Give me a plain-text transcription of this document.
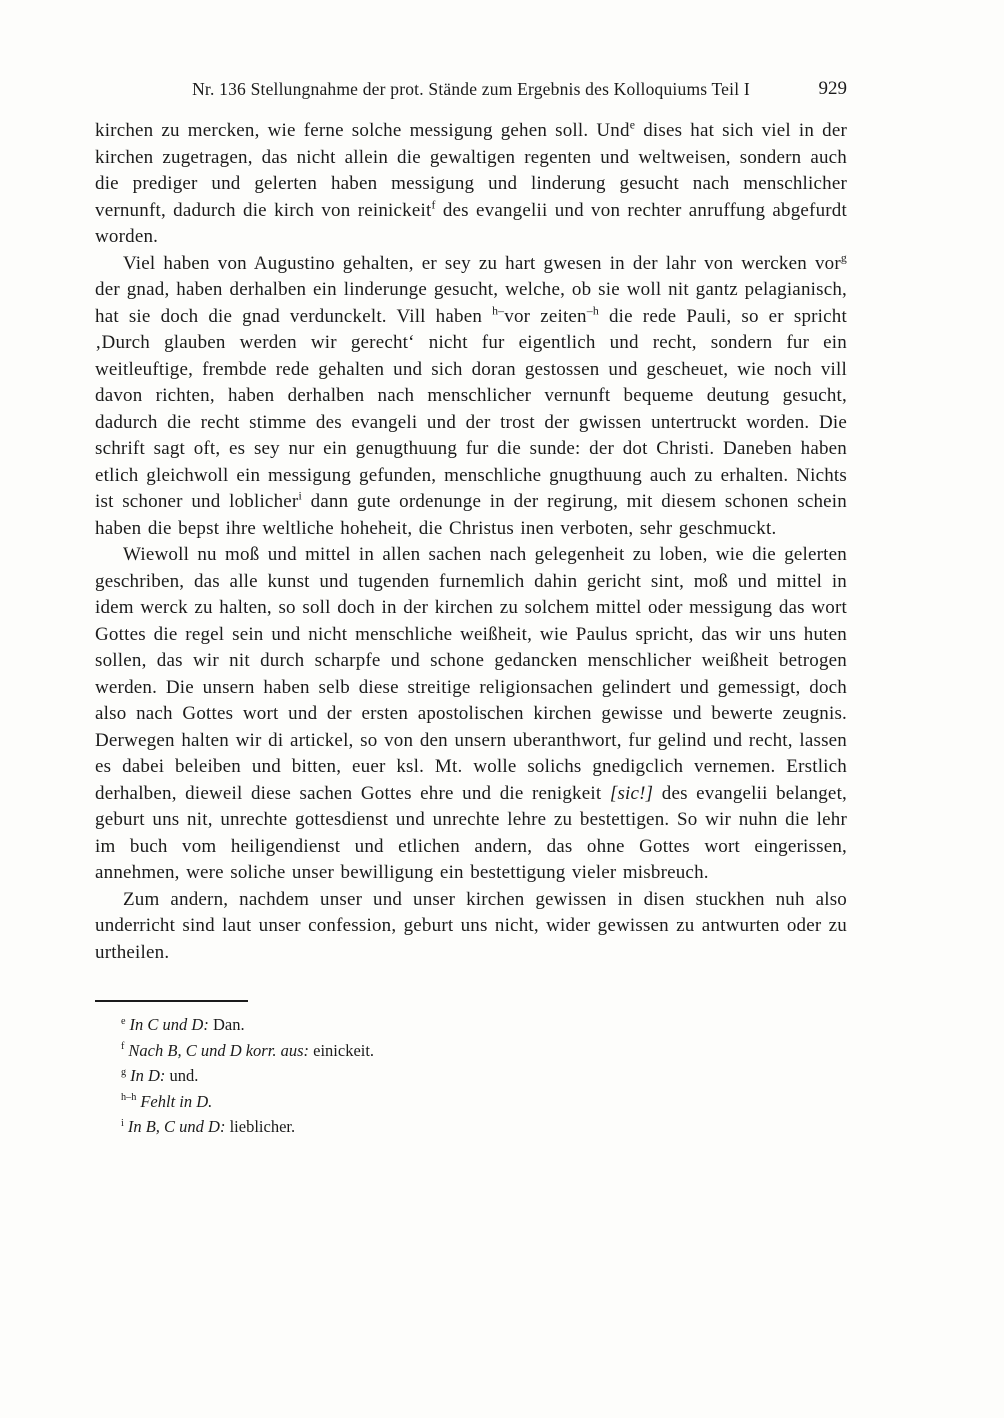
Nr. 136 Stellungnahme der prot. Stände zum Ergebnis des Kolloquiums Teil I	929

kirchen zu mercken, wie ferne solche messigung gehen soll. Und$^e$ dises hat sich viel in der kirchen zugetragen, das nicht allein die gewaltigen regenten und weltweisen, sondern auch die prediger und gelerten haben messigung und linderung gesucht nach menschlicher vernunft, dadurch die kirch von reinickeit$^f$ des evangelii und von rechter anruffung abgefurdt worden.

Viel haben von Augustino gehalten, er sey zu hart gwesen in der lahr von wercken vor$^g$ der gnad, haben derhalben ein linderunge gesucht, welche, ob sie woll nit gantz pelagianisch, hat sie doch die gnad verdunckelt. Vill haben $^{h-}$vor zeiten$^{-h}$ die rede Pauli, so er spricht ‚Durch glauben werden wir gerecht‘ nicht fur eigentlich und recht, sondern fur ein weitleuftige, frembde rede gehalten und sich doran gestossen und gescheuet, wie noch vill davon richten, haben derhalben nach menschlicher vernunft bequeme deutung gesucht, dadurch die recht stimme des evangeli und der trost der gwissen untertruckt worden. Die schrift sagt oft, es sey nur ein genugthuung fur die sunde: der dot Christi. Daneben haben etlich gleichwoll ein messigung gefunden, menschliche gnugthuung auch zu erhalten. Nichts ist schoner und loblicher$^i$ dann gute ordenunge in der regirung, mit diesem schonen schein haben die bepst ihre weltliche hoheheit, die Christus inen verboten, sehr geschmuckt.

Wiewoll nu moß und mittel in allen sachen nach gelegenheit zu loben, wie die gelerten geschriben, das alle kunst und tugenden furnemlich dahin gericht sint, moß und mittel in idem werck zu halten, so soll doch in der kirchen zu solchem mittel oder messigung das wort Gottes die regel sein und nicht menschliche weißheit, wie Paulus spricht, das wir uns huten sollen, das wir nit durch scharpfe und schone gedancken menschlicher weißheit betrogen werden. Die unsern haben selb diese streitige religionsachen gelindert und gemessigt, doch also nach Gottes wort und der ersten apostolischen kirchen gewisse und bewerte zeugnis. Derwegen halten wir di artickel, so von den unsern uberanthwort, fur gelind und recht, lassen es dabei beleiben und bitten, euer ksl. Mt. wolle solichs gnedigclich vernemen. Erstlich derhalben, dieweil diese sachen Gottes ehre und die renigkeit [sic!] des evangelii belanget, geburt uns nit, unrechte gottesdienst und unrechte lehre zu bestettigen. So wir nuhn die lehr im buch vom heiligendienst und etlichen andern, das ohne Gottes wort eingerissen, annehmen, were soliche unser bewilligung ein bestettigung vieler misbreuch.

Zum andern, nachdem unser und unser kirchen gewissen in disen stuckhen nuh also underricht sind laut unser confession, geburt uns nicht, wider gewissen zu antwurten oder zu urtheilen.

$^e$ In C und D: Dan.
$^f$ Nach B, C und D korr. aus: einickeit.
$^g$ In D: und.
$^{h-h}$ Fehlt in D.
$^i$ In B, C und D: lieblicher.
